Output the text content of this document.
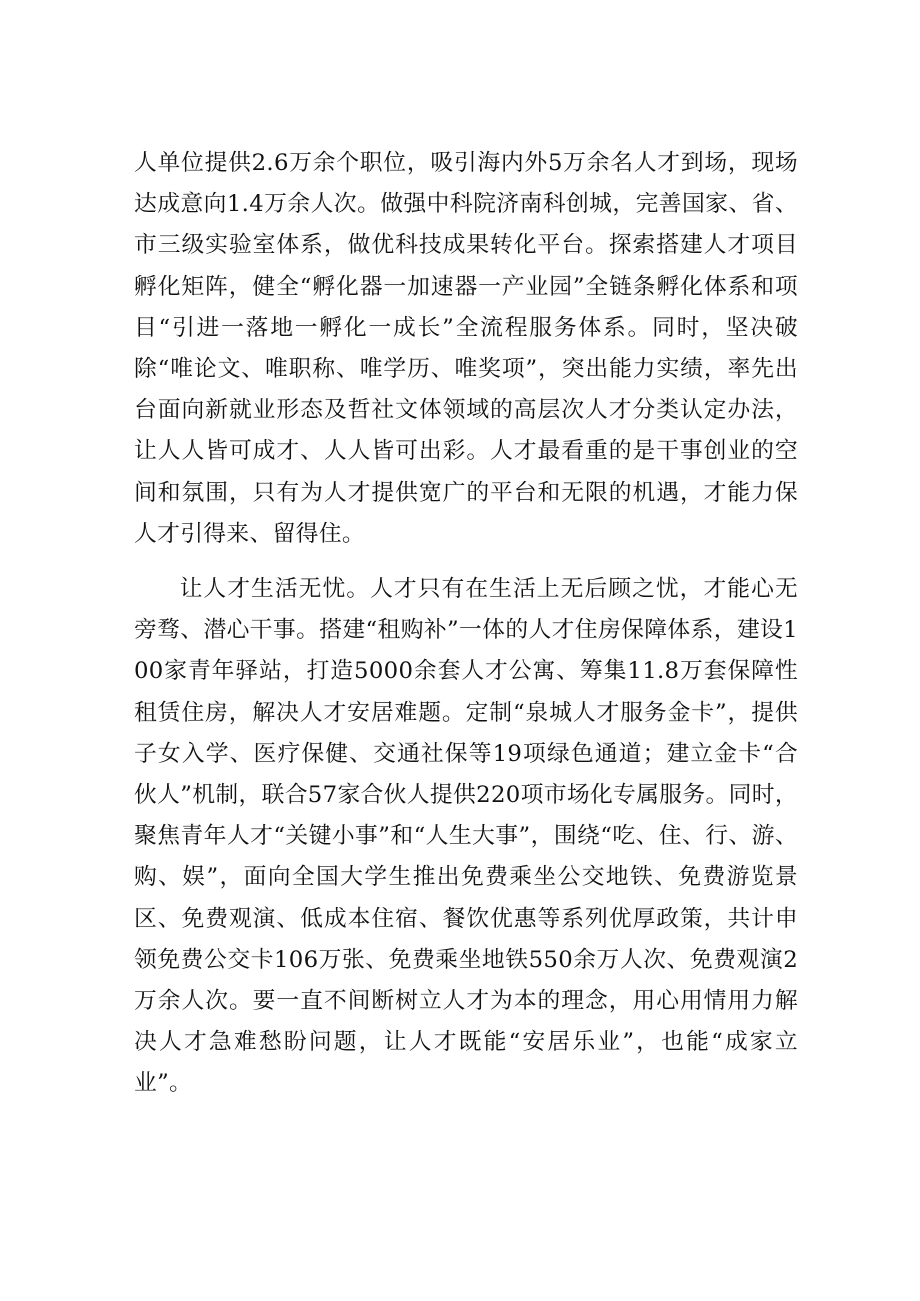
人单位提供2.6万余个职位，吸引海内外5万余名人才到场，现场达成意向1.4万余人次。做强中科院济南科创城，完善国家、省、市三级实验室体系，做优科技成果转化平台。探索搭建人才项目孵化矩阵，健全“孵化器一加速器一产业园”全链条孵化体系和项目“引进一落地一孵化一成长”全流程服务体系。同时，坚决破除“唯论文、唯职称、唯学历、唯奖项”，突出能力实绩，率先出台面向新就业形态及哲社文体领域的高层次人才分类认定办法，让人人皆可成才、人人皆可出彩。人才最看重的是干事创业的空间和氛围，只有为人才提供宽广的平台和无限的机遇，才能力保人才引得来、留得住。

让人才生活无忧。人才只有在生活上无后顾之忧，才能心无旁骛、潜心干事。搭建“租购补”一体的人才住房保障体系，建设100家青年驿站，打造5000余套人才公寓、筹集11.8万套保障性租赁住房，解决人才安居难题。定制“泉城人才服务金卡”，提供子女入学、医疗保健、交通社保等19项绿色通道；建立金卡“合伙人”机制，联合57家合伙人提供220项市场化专属服务。同时，聚焦青年人才“关键小事”和“人生大事”，围绕“吃、住、行、游、购、娱”，面向全国大学生推出免费乘坐公交地铁、免费游览景区、免费观演、低成本住宿、餐饮优惠等系列优厚政策，共计申领免费公交卡106万张、免费乘坐地铁550余万人次、免费观演2万余人次。要一直不间断树立人才为本的理念，用心用情用力解决人才急难愁盼问题，让人才既能“安居乐业”，也能“成家立业”。
